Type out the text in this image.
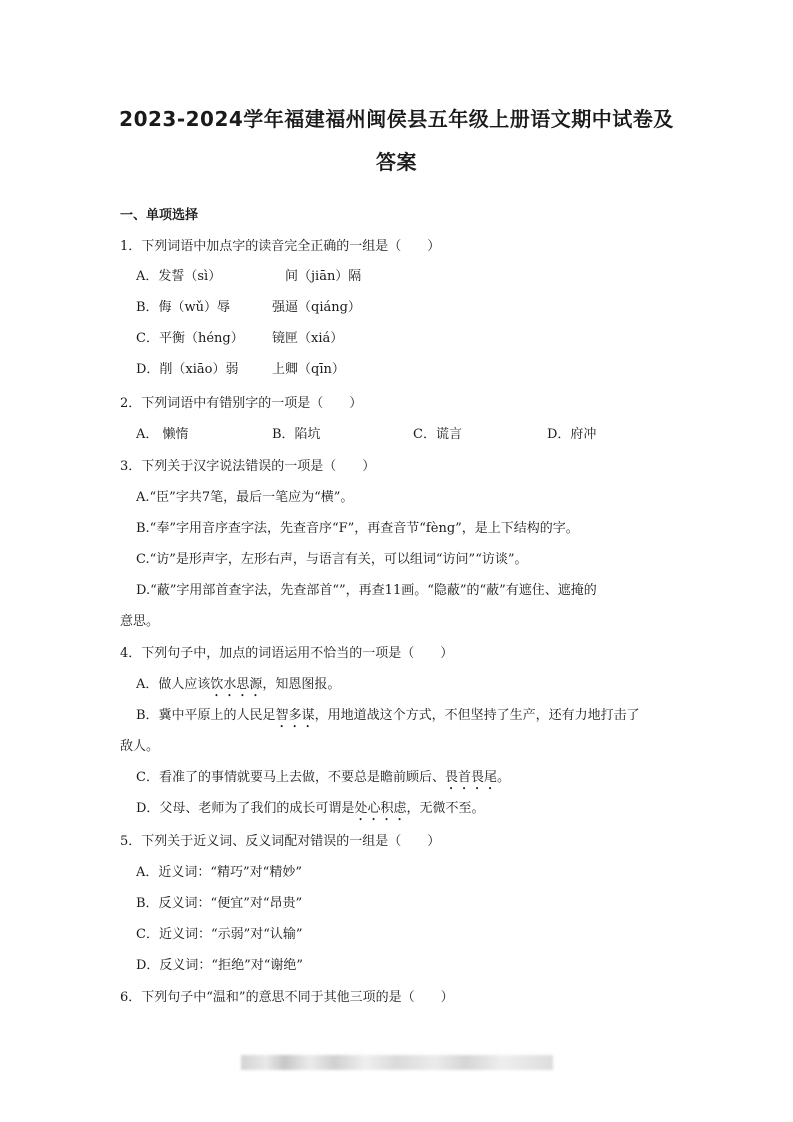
2023-2024学年福建福州闽侯县五年级上册语文期中试卷及
答案
一、单项选择
1．下列词语中加点字的读音完全正确的一组是（　　）
A．发誓（sì）	间（jiān）隔
B．侮（wǔ）辱	强逼（qiáng）
C．平衡（héng） 镜匣（xiá）
D．削（xiāo）弱	上卿（qīn）
2．下列词语中有错别字的一项是（　　）
A． 懒惰	B．陷坑	C．谎言	D．府冲
3．下列关于汉字说法错误的一项是（　　）
A.“臣”字共7笔，最后一笔应为“横”。
B.“奉”字用音序查字法，先查音序“F”，再查音节“fèng”，是上下结构的字。
C.“访”是形声字，左形右声，与语言有关，可以组词“访问”“访谈”。
D.“蔽”字用部首查字法，先查部首“”，再查11画。“隐蔽”的“蔽”有遮住、遮掩的
意思。
4．下列句子中，加点的词语运用不恰当的一项是（　　）
A．做人应该饮水思源，知恩图报。
B．冀中平原上的人民足智多谋，用地道战这个方式，不但坚持了生产，还有力地打击了
敌人。
C．看准了的事情就要马上去做，不要总是瞻前顾后、畏首畏尾。
D．父母、老师为了我们的成长可谓是处心积虑，无微不至。
5．下列关于近义词、反义词配对错误的一组是（　　）
A．近义词：“精巧”对“精妙”
B．反义词：“便宜”对“昂贵”
C．近义词：“示弱”对“认输”
D．反义词：“拒绝”对“谢绝”
6．下列句子中“温和”的意思不同于其他三项的是（　　）
